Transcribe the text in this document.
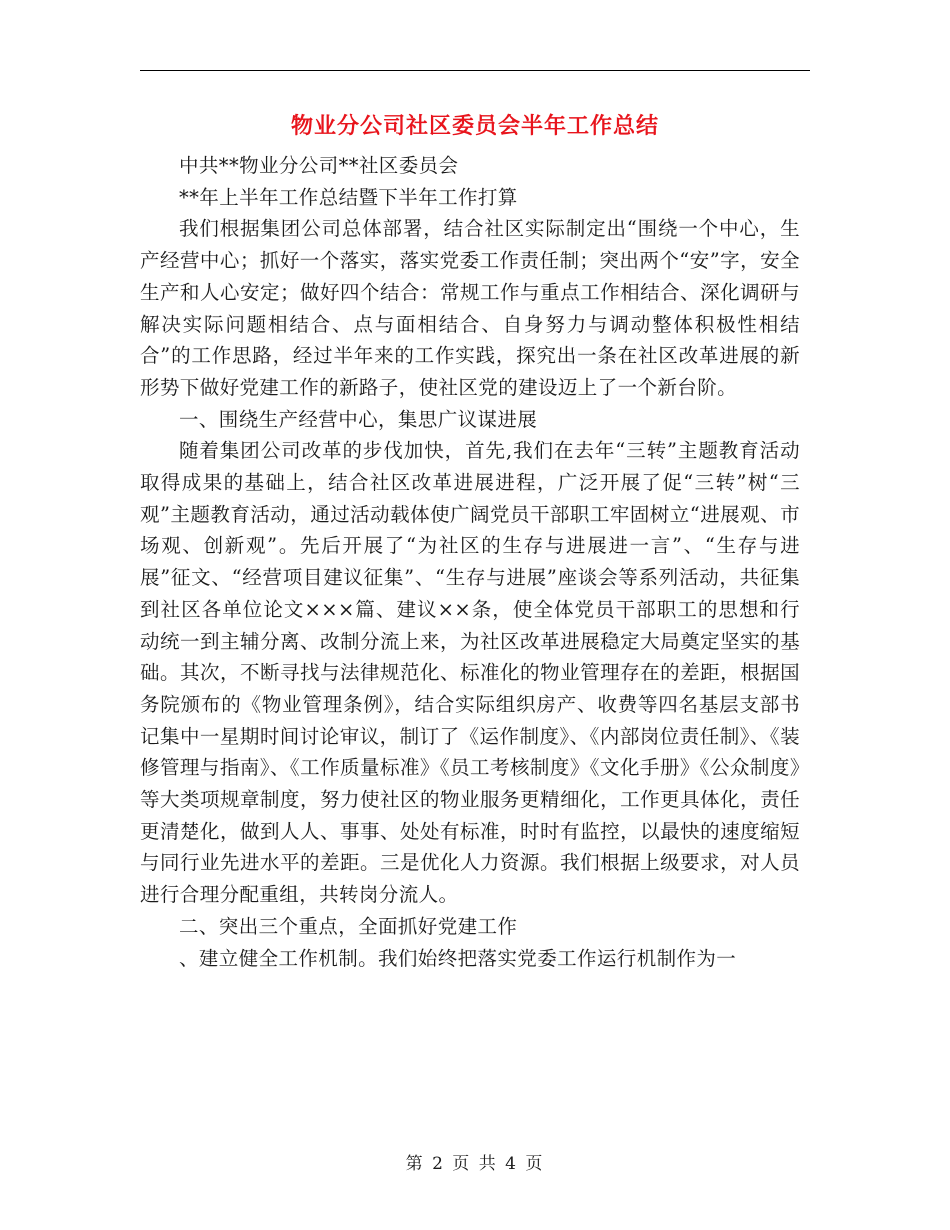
物业分公司社区委员会半年工作总结

中共**物业分公司**社区委员会

**年上半年工作总结暨下半年工作打算

我们根据集团公司总体部署，结合社区实际制定出“围绕一个中心，生产经营中心；抓好一个落实，落实党委工作责任制；突出两个“安”字，安全生产和人心安定；做好四个结合：常规工作与重点工作相结合、深化调研与解决实际问题相结合、点与面相结合、自身努力与调动整体积极性相结合”的工作思路，经过半年来的工作实践，探究出一条在社区改革进展的新形势下做好党建工作的新路子，使社区党的建设迈上了一个新台阶。

一、围绕生产经营中心，集思广议谋进展

随着集团公司改革的步伐加快，首先,我们在去年“三转”主题教育活动取得成果的基础上，结合社区改革进展进程，广泛开展了促“三转”树“三观”主题教育活动，通过活动载体使广阔党员干部职工牢固树立“进展观、市场观、创新观”。先后开展了“为社区的生存与进展进一言”、“生存与进展”征文、“经营项目建议征集”、“生存与进展”座谈会等系列活动，共征集到社区各单位论文×××篇、建议××条，使全体党员干部职工的思想和行动统一到主辅分离、改制分流上来，为社区改革进展稳定大局奠定坚实的基础。其次，不断寻找与法律规范化、标准化的物业管理存在的差距，根据国务院颁布的《物业管理条例》，结合实际组织房产、收费等四名基层支部书记集中一星期时间讨论审议，制订了《运作制度》、《内部岗位责任制》、《装修管理与指南》、《工作质量标准》《员工考核制度》《文化手册》《公众制度》等大类项规章制度，努力使社区的物业服务更精细化，工作更具体化，责任更清楚化，做到人人、事事、处处有标准，时时有监控，以最快的速度缩短与同行业先进水平的差距。三是优化人力资源。我们根据上级要求，对人员进行合理分配重组，共转岗分流人。

二、突出三个重点，全面抓好党建工作

、建立健全工作机制。我们始终把落实党委工作运行机制作为一

第 2 页 共 4 页
